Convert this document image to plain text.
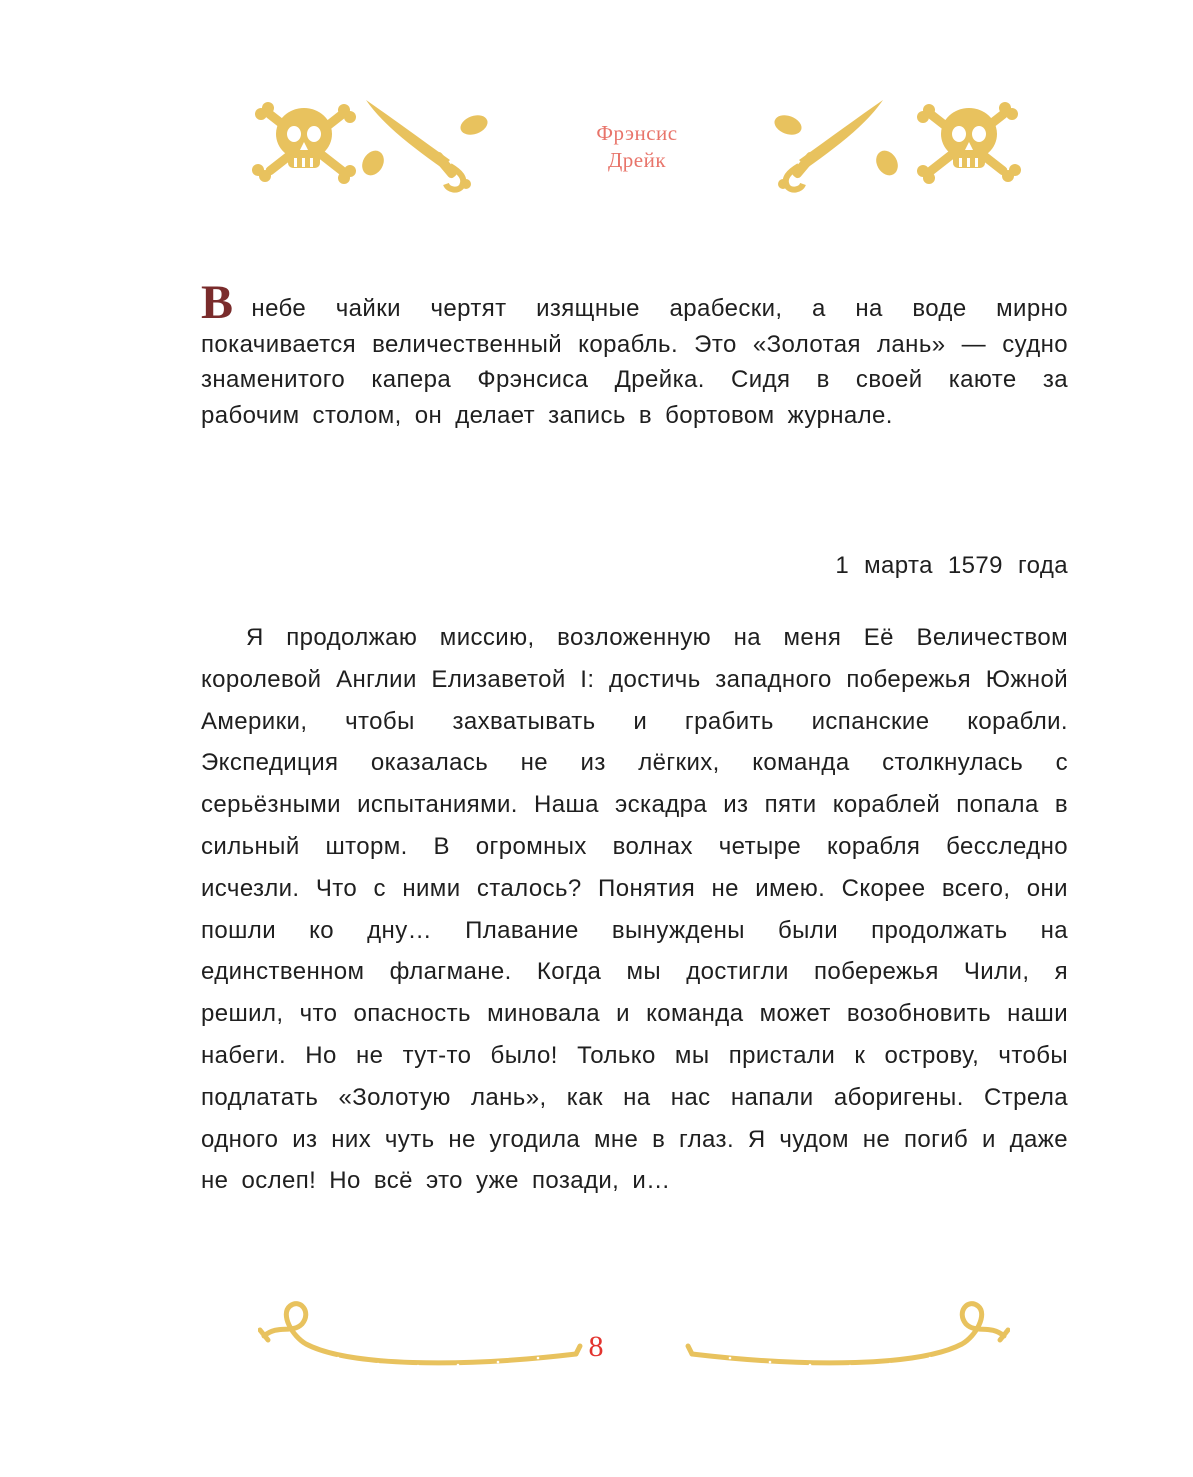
Фрэнсис
Дрейк

Внебе чайки чертят изящные арабески, а на воде мирно покачивается величественный корабль. Это «Золотая лань» — судно знаменитого капера Фрэнсиса Дрейка. Сидя в своей каюте за рабочим столом, он делает запись в бортовом журнале.

1 марта 1579 года

Я продолжаю миссию, возложенную на меня Её Величеством королевой Англии Елизаветой I: достичь западного побережья Южной Америки, чтобы захватывать и грабить испанские корабли. Экспедиция оказалась не из лёгких, команда столкнулась с серьёзными испытаниями. Наша эскадра из пяти кораблей попала в сильный шторм. В огромных волнах четыре корабля бесследно исчезли. Что с ними сталось? Понятия не имею. Скорее всего, они пошли ко дну… Плавание вынуждены были продолжать на единственном флагмане. Когда мы достигли побережья Чили, я решил, что опасность миновала и команда может возобновить наши набеги. Но не тут-то было! Только мы пристали к острову, чтобы подлатать «Золотую лань», как на нас напали аборигены. Стрела одного из них чуть не угодила мне в глаз. Я чудом не погиб и даже не ослеп! Но всё это уже позади, и…

8
